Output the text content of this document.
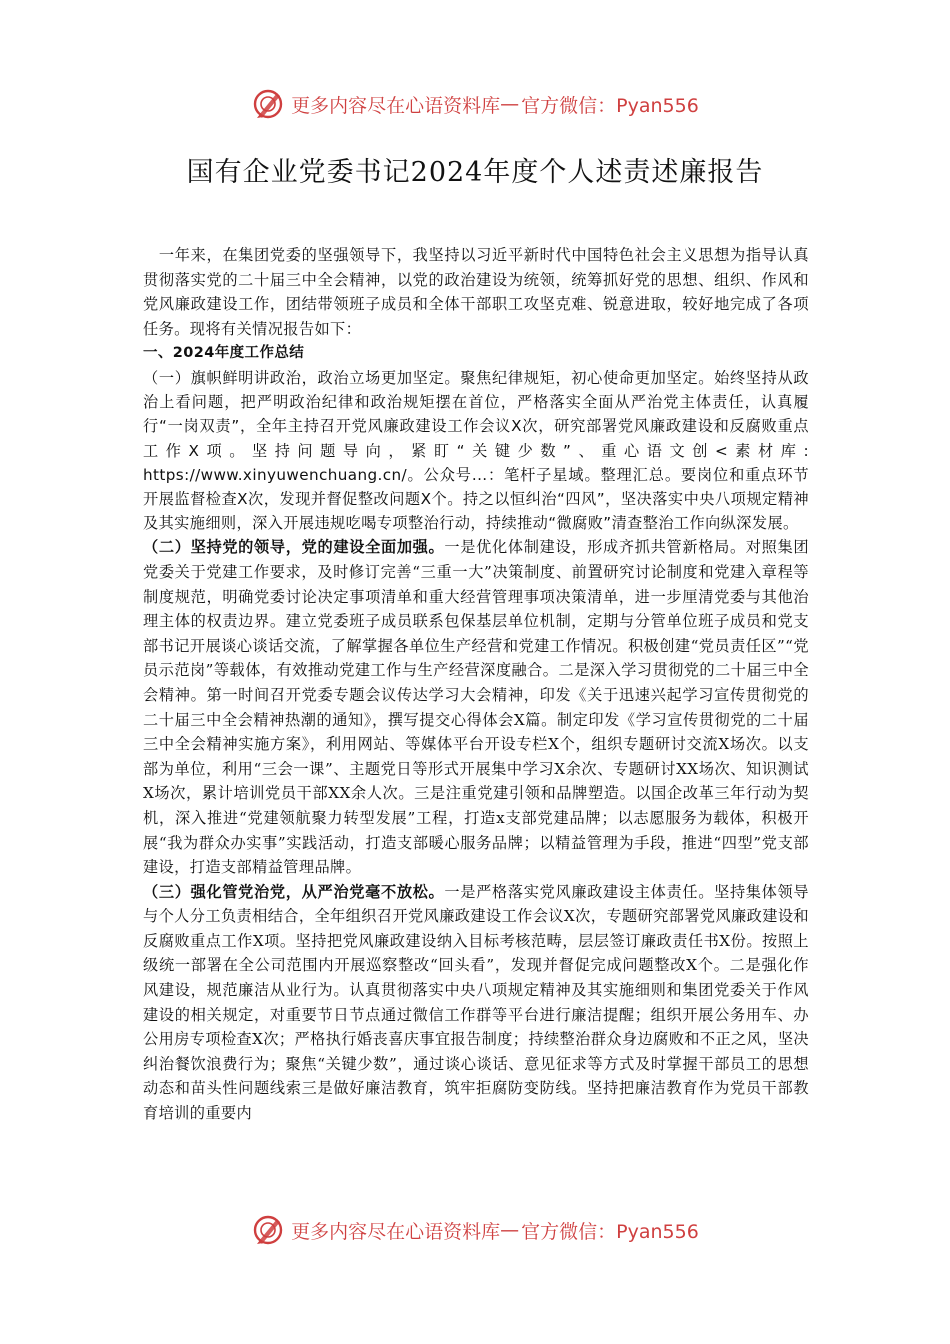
更多内容尽在心语资料库 — 官方微信：Pyan556
国有企业党委书记2024年度个人述责述廉报告

 一年来，在集团党委的坚强领导下，我坚持以习近平新时代中国特色社会主义思想为指导认真贯彻落实党的二十届三中全会精神，以党的政治建设为统领，统筹抓好党的思想、组织、作风和党风廉政建设工作，团结带领班子成员和全体干部职工攻坚克难、锐意进取，较好地完成了各项任务。现将有关情况报告如下：

一、2024年度工作总结

（一）旗帜鲜明讲政治，政治立场更加坚定。聚焦纪律规矩，初心使命更加坚定。始终坚持从政治上看问题，把严明政治纪律和政治规矩摆在首位，严格落实全面从严治党主体责任，认真履行“一岗双责”，全年主持召开党风廉政建设工作会议X次，研究部署党风廉政建设和反腐败重点工作X项。坚持问题导向，紧盯“关键少数”、重心语文创<素材库: https://www.xinyuwenchuang.cn/。公众号...：笔杆子星域。整理汇总。要岗位和重点环节开展监督检查X次，发现并督促整改问题X个。持之以恒纠治“四风”，坚决落实中央八项规定精神及其实施细则，深入开展违规吃喝专项整治行动，持续推动“微腐败”清查整治工作向纵深发展。

（二）坚持党的领导，党的建设全面加强。一是优化体制建设，形成齐抓共管新格局。对照集团党委关于党建工作要求，及时修订完善“三重一大”决策制度、前置研究讨论制度和党建入章程等制度规范，明确党委讨论决定事项清单和重大经营管理事项决策清单，进一步厘清党委与其他治理主体的权责边界。建立党委班子成员联系包保基层单位机制，定期与分管单位班子成员和党支部书记开展谈心谈话交流，了解掌握各单位生产经营和党建工作情况。积极创建“党员责任区”“党员示范岗”等载体，有效推动党建工作与生产经营深度融合。二是深入学习贯彻党的二十届三中全会精神。第一时间召开党委专题会议传达学习大会精神，印发《关于迅速兴起学习宣传贯彻党的二十届三中全会精神热潮的通知》，撰写提交心得体会X篇。制定印发《学习宣传贯彻党的二十届三中全会精神实施方案》，利用网站、等媒体平台开设专栏X个，组织专题研讨交流X场次。以支部为单位，利用“三会一课”、主题党日等形式开展集中学习X余次、专题研讨XX场次、知识测试X场次，累计培训党员干部XX余人次。三是注重党建引领和品牌塑造。以国企改革三年行动为契机，深入推进“党建领航聚力转型发展”工程，打造x支部党建品牌；以志愿服务为载体，积极开展“我为群众办实事”实践活动，打造支部暖心服务品牌；以精益管理为手段，推进“四型”党支部建设，打造支部精益管理品牌。

（三）强化管党治党，从严治党毫不放松。一是严格落实党风廉政建设主体责任。坚持集体领导与个人分工负责相结合，全年组织召开党风廉政建设工作会议X次，专题研究部署党风廉政建设和反腐败重点工作X项。坚持把党风廉政建设纳入目标考核范畴，层层签订廉政责任书X份。按照上级统一部署在全公司范围内开展巡察整改“回头看”，发现并督促完成问题整改X个。二是强化作风建设，规范廉洁从业行为。认真贯彻落实中央八项规定精神及其实施细则和集团党委关于作风建设的相关规定，对重要节日节点通过微信工作群等平台进行廉洁提醒；组织开展公务用车、办公用房专项检查X次；严格执行婚丧喜庆事宜报告制度；持续整治群众身边腐败和不正之风，坚决纠治餐饮浪费行为；聚焦“关键少数”，通过谈心谈话、意见征求等方式及时掌握干部员工的思想动态和苗头性问题线索三是做好廉洁教育，筑牢拒腐防变防线。坚持把廉洁教育作为党员干部教育培训的重要内

更多内容尽在心语资料库 — 官方微信：Pyan556
